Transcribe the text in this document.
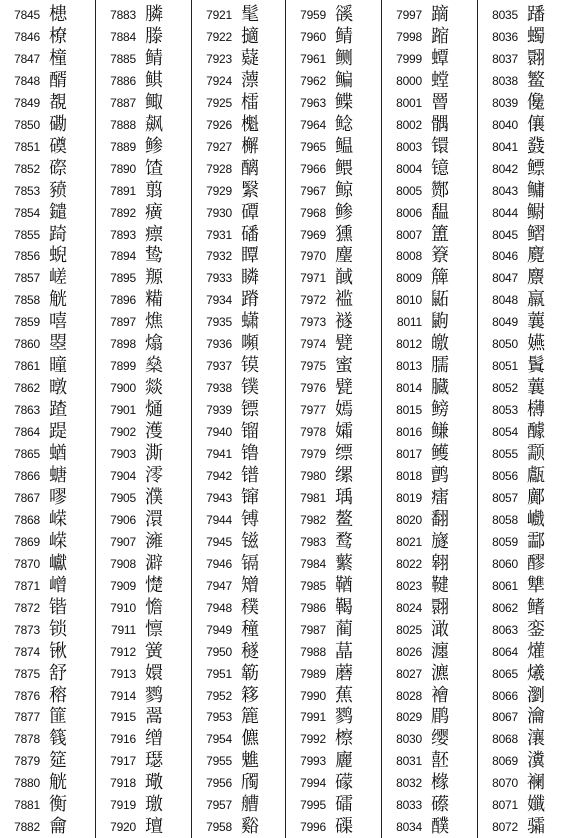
7845 槵
7846 橑
7847 橦
7848 醑
7849 覩
7850 磡
7851 磸
7852 磜
7853 豮
7854 鑓
7855 踦
7856 蜺
7857 嵯
7858 觥
7859 嘻
7860 曌
7861 曈
7862 暾
7863 蹅
7864 踶
7865 蝤
7866 螗
7867 嘐
7868 嵘
7869 嵘
7870 巘
7871 嶒
7872 锴
7873 锁
7874 锹
7875 舒
7876 穃
7877 篚
7878 篯
7879 筵
7880 觥
7881 衡
7882 龠
7883 膦
7884 滕
7885 鲭
7886 鲯
7887 鲰
7888 飙
7889 鲹
7890 馇
7891 翦
7892 癀
7893 瘭
7894 鸷
7895 羱
7896 糒
7897 燋
7898 熻
7899 燊
7900 燚
7901 熥
7902 濩
7903 澌
7904 澪
7905 濮
7906 澴
7907 澭
7908 澼
7909 憷
7910 憺
7911 懔
7912 黉
7913 嬛
7914 鹨
7915 翯
7916 缯
7917 璱
7918 璥
7919 璬
7920 璮
7921 髦
7922 擿
7923 薿
7924 薸
7925 檑
7926 櫆
7927 檞
7928 醨
7929 繄
7930 磹
7931 磻
7932 瞫
7933 瞵
7934 蹐
7935 蟏
7936 嚬
7937 镆
7938 镤
7939 镖
7940 镏
7941 镥
7942 镨
7943 镩
7944 镈
7945 镃
7946 镉
7947 矰
7948 穙
7949 穜
7950 穟
7951 簕
7952 簃
7953 簏
7954 儦
7955 魋
7956 斶
7957 艚
7958 谿
7959 豀
7960 鲭
7961 鲗
7962 鳊
7963 鲽
7964 鲶
7965 鳁
7966 鳂
7967 鲸
7968 鲹
7969 獯
7970 麈
7971 馘
7972 褴
7973 襚
7974 甓
7975 蜜
7976 甓
7977 嫣
7978 孀
7979 缥
7980 缧
7981 瑀
7982 鳌
7983 鹜
7984 蘩
7985 鞧
7986 鞨
7987 蔺
7988 蕌
7989 蘑
7990 蕉
7991 鹨
7992 檫
7993 廲
7994 礞
7995 礌
7996 磲
7997 蹢
7998 蹜
7999 蟫
8000 螳
8001 罾
8002 髃
8003 镮
8004 镱
8005 酂
8006 馧
8007 簠
8008 簝
8009 簰
8010 鼫
8011 鼩
8012 皦
8013 臑
8014 臓
8015 鳑
8016 鳒
8017 鳠
8018 鹯
8019 癗
8020 翻
8021 旞
8022 翱
8023 鞬
8024 翾
8025 澉
8026 瀍
8027 瀌
8028 襘
8029 鹛
8030 缨
8031 噽
8032 橼
8033 礤
8034 醭
8035 蹯
8036 蠋
8037 翾
8038 鳘
8039 儳
8040 儴
8041 鼗
8042 鳔
8043 鳙
8044 鳚
8045 鳛
8046 麑
8047 麖
8048 羸
8049 蘘
8050 嬿
8051 鬒
8052 蘘
8053 欂
8054 醵
8055 颥
8056 甗
8057 鄺
8058 巇
8059 酃
8060 醪
8061 犨
8062 鳍
8063 銮
8064 爟
8065 爔
8066 瀏
8067 瀹
8068 瀼
8069 瀵
8070 襕
8071 孅
8072 骦
